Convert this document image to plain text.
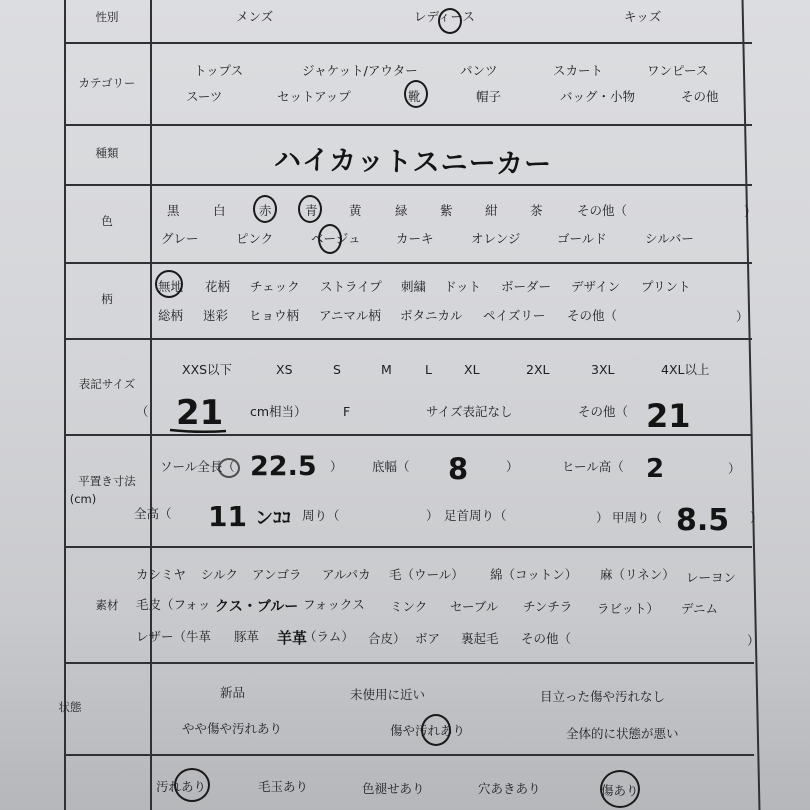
性別	メンズ	レディース	キッズ
カテゴリー
トップス	ジャケット/アウター	パンツ	スカート	ワンピース
スーツ	セットアップ	靴	帽子	バッグ・小物	その他
種類	ハイカットスニーカー
色
黒	白	赤	青	黄	緑	紫	紺	茶	その他（	）
グレー	ピンク	ベージュ	カーキ	オレンジ	ゴールド	シルバー
柄
無地 花柄 チェック ストライプ 刺繍 ドット ボーダー デザイン プリント
総柄 迷彩 ヒョウ柄 アニマル柄 ボタニカル ペイズリー その他（	）
表記サイズ
XXS以下	XS	S	M	L	XL	2XL	3XL	4XL以上
（ 21 cm相当）	F	サイズ表記なし	その他（ 21
平置き寸法
(cm)
ソール全長（ 22.5 ） 底幅（ 8	）	ヒール高（ 2	）
全高（ 11 ンｺｺ 周り（	） 足首周り（	） 甲周り（ 8.5 ）
素材
カシミヤ シルク アンゴラ アルパカ 毛（ウール） 綿（コットン） 麻（リネン） レーヨン
毛皮（フォッ クス・ブルー フォックス ミンク セーブル チンチラ ラビット） デニム
レザー（牛革 豚革 羊革
（ラム） 合皮） ボア 裏起毛 その他（	）
状態
新品	未使用に近い	目立った傷や汚れなし
やや傷や汚れあり	傷や汚れあり	全体的に状態が悪い
汚れあり	毛玉あり	色褪せあり	穴あきあり	傷あり
